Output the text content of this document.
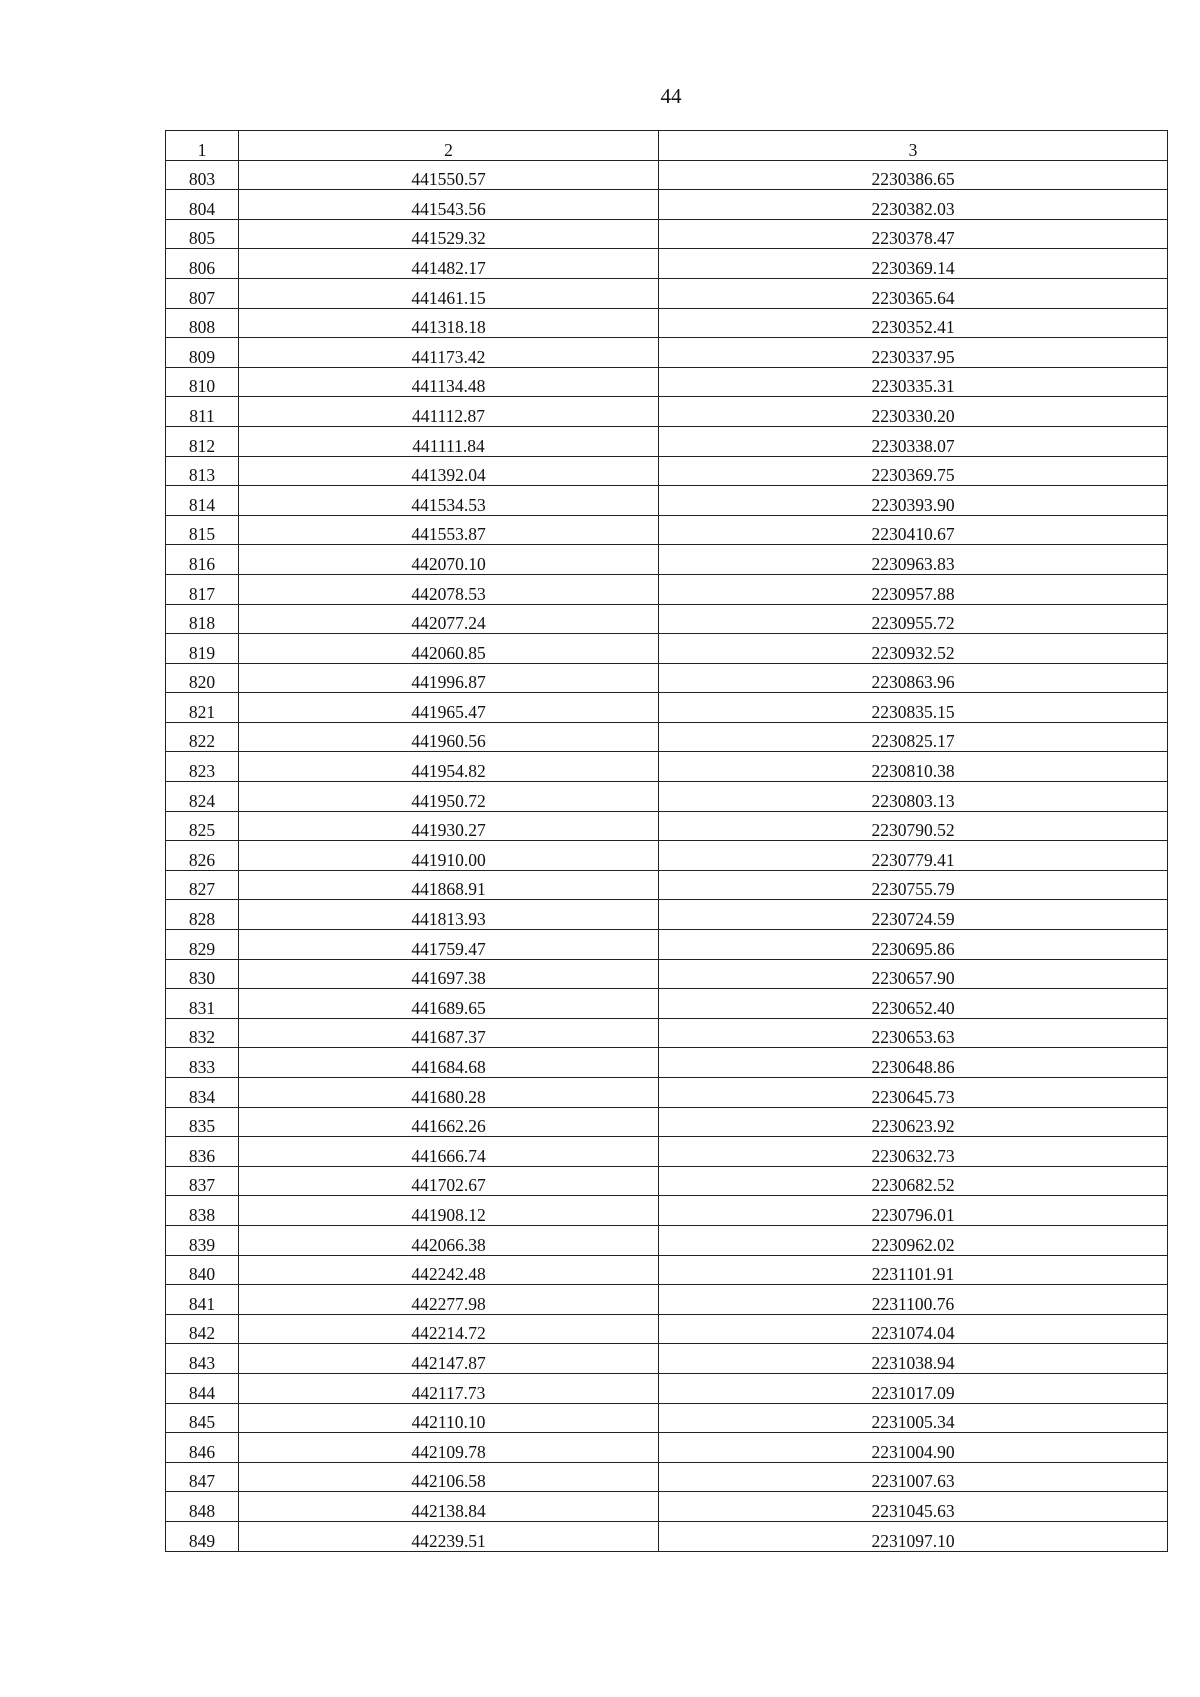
44
1	2	3
803	441550.57	2230386.65
804	441543.56	2230382.03
805	441529.32	2230378.47
806	441482.17	2230369.14
807	441461.15	2230365.64
808	441318.18	2230352.41
809	441173.42	2230337.95
810	441134.48	2230335.31
811	441112.87	2230330.20
812	441111.84	2230338.07
813	441392.04	2230369.75
814	441534.53	2230393.90
815	441553.87	2230410.67
816	442070.10	2230963.83
817	442078.53	2230957.88
818	442077.24	2230955.72
819	442060.85	2230932.52
820	441996.87	2230863.96
821	441965.47	2230835.15
822	441960.56	2230825.17
823	441954.82	2230810.38
824	441950.72	2230803.13
825	441930.27	2230790.52
826	441910.00	2230779.41
827	441868.91	2230755.79
828	441813.93	2230724.59
829	441759.47	2230695.86
830	441697.38	2230657.90
831	441689.65	2230652.40
832	441687.37	2230653.63
833	441684.68	2230648.86
834	441680.28	2230645.73
835	441662.26	2230623.92
836	441666.74	2230632.73
837	441702.67	2230682.52
838	441908.12	2230796.01
839	442066.38	2230962.02
840	442242.48	2231101.91
841	442277.98	2231100.76
842	442214.72	2231074.04
843	442147.87	2231038.94
844	442117.73	2231017.09
845	442110.10	2231005.34
846	442109.78	2231004.90
847	442106.58	2231007.63
848	442138.84	2231045.63
849	442239.51	2231097.10
